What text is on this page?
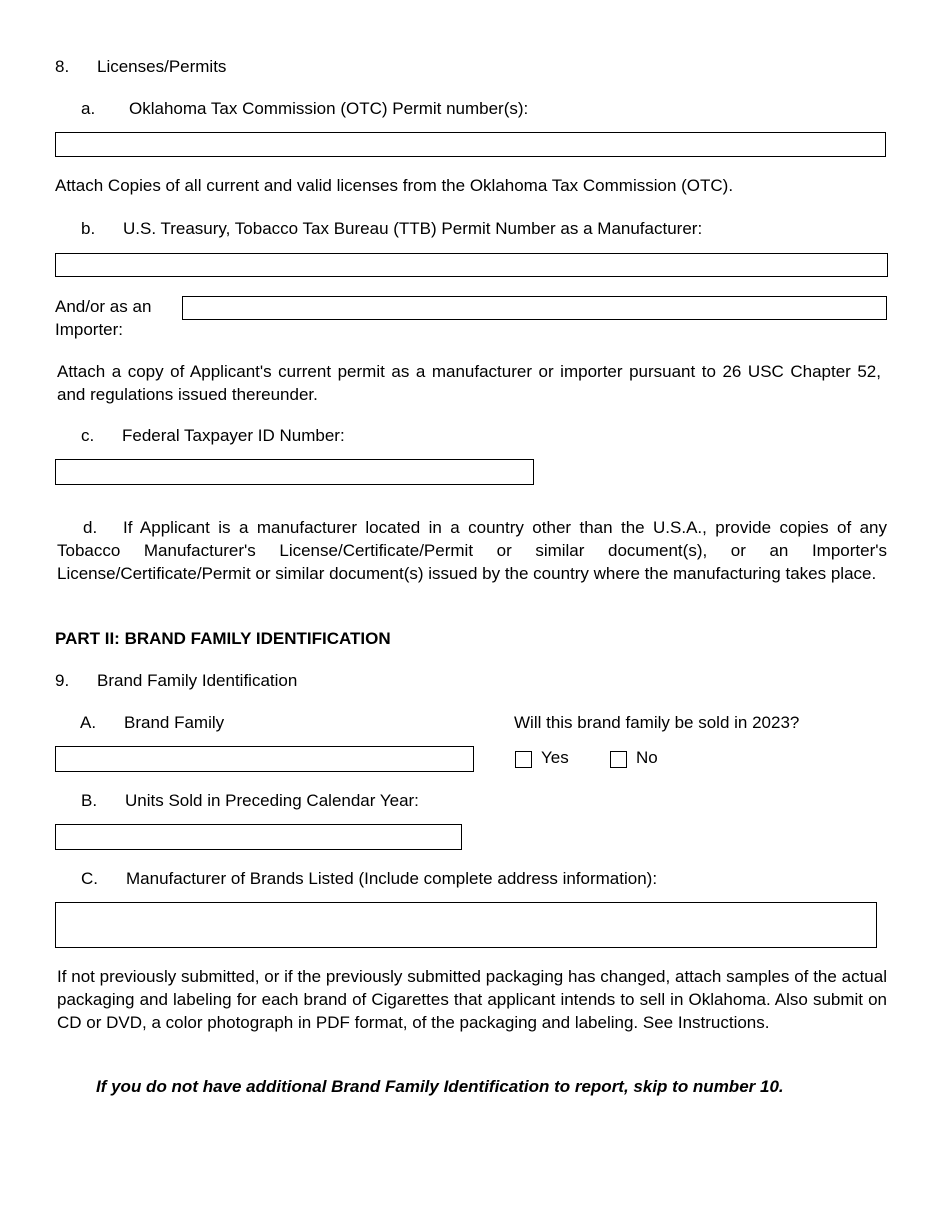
8. Licenses/Permits
a. Oklahoma Tax Commission (OTC) Permit number(s):
Attach Copies of all current and valid licenses from the Oklahoma Tax Commission (OTC).
b. U.S. Treasury, Tobacco Tax Bureau (TTB) Permit Number as a Manufacturer:
And/or as an
Importer:
Attach a copy of Applicant's current permit as a manufacturer or importer pursuant to 26 USC Chapter 52, and regulations issued thereunder.
c. Federal Taxpayer ID Number:
d.	If Applicant is a manufacturer located in a country other than the U.S.A., provide copies of any Tobacco Manufacturer's License/Certificate/Permit or similar document(s), or an Importer's License/Certificate/Permit or similar document(s) issued by the country where the manufacturing takes place.
PART II: BRAND FAMILY IDENTIFICATION
9. Brand Family Identification
A. Brand Family	Will this brand family be sold in 2023?
Yes	No
B. Units Sold in Preceding Calendar Year:
C. Manufacturer of Brands Listed (Include complete address information):
If not previously submitted, or if the previously submitted packaging has changed, attach samples of the actual packaging and labeling for each brand of Cigarettes that applicant intends to sell in Oklahoma. Also submit on CD or DVD, a color photograph in PDF format, of the packaging and labeling. See Instructions.
If you do not have additional Brand Family Identification to report, skip to number 10.
